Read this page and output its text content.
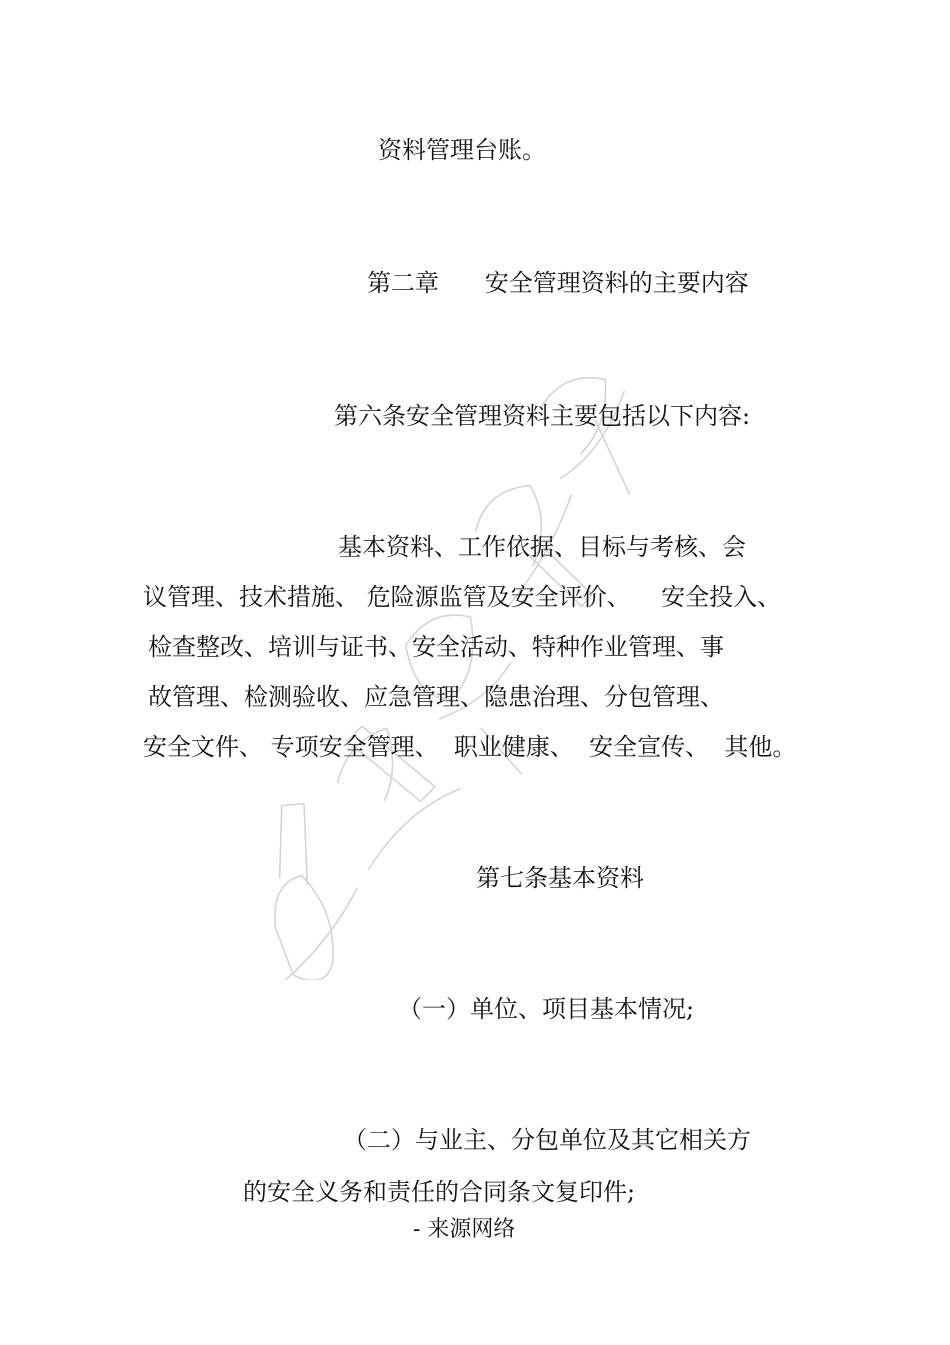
资料管理台账。
第二章      安全管理资料的主要内容
第六条安全管理资料主要包括以下内容:
基本资料、工作依据、目标与考核、会
议管理、技术措施、 危险源监管及安全评价、    安全投入、
检查整改、培训与证书、安全活动、特种作业管理、事
故管理、检测验收、应急管理、隐患治理、分包管理、
安全文件、 专项安全管理、  职业健康、  安全宣传、  其他。
第七条基本资料
（一）单位、项目基本情况;
（二）与业主、分包单位及其它相关方
的安全义务和责任的合同条文复印件;
- 来源网络
